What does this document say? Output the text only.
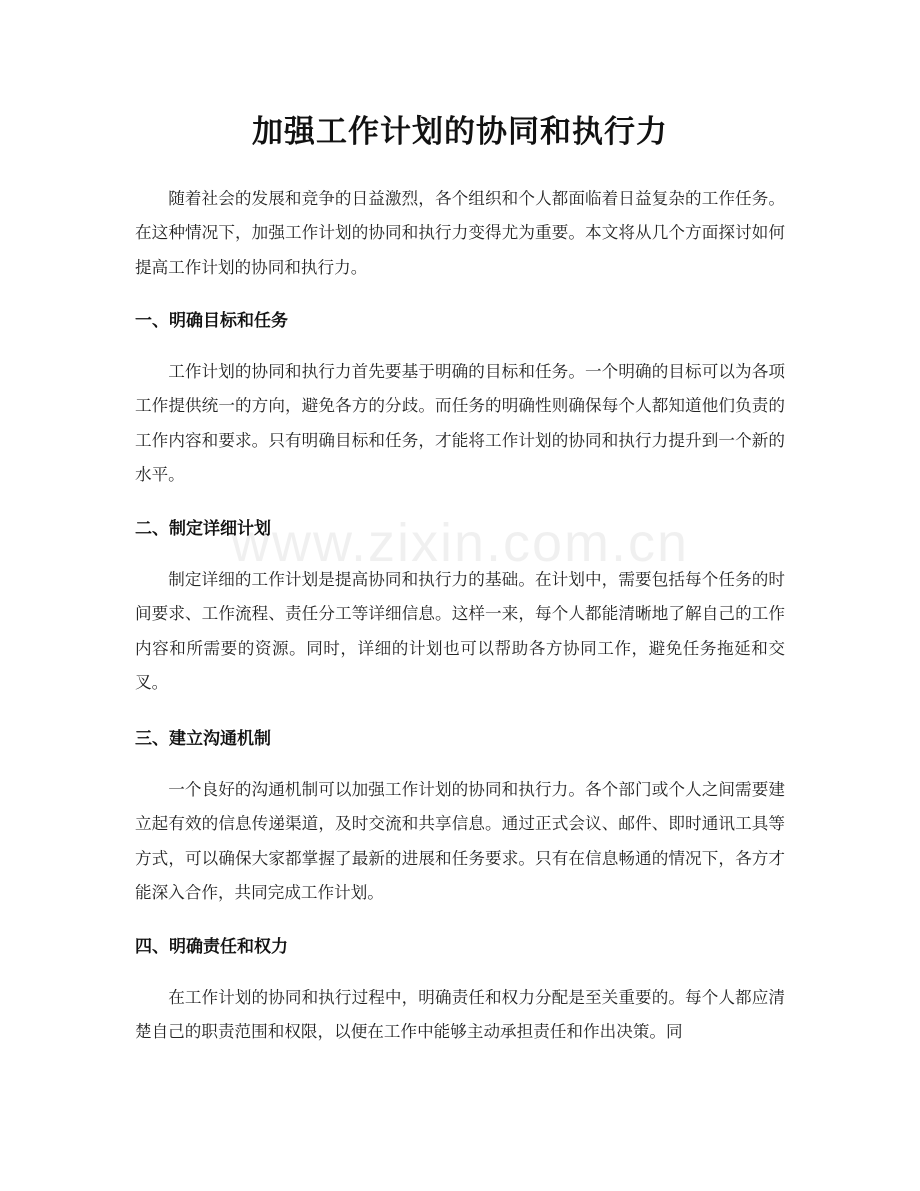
www.zixin.com.cn
加强工作计划的协同和执行力

随着社会的发展和竞争的日益激烈，各个组织和个人都面临着日益复杂的工作任务。在这种情况下，加强工作计划的协同和执行力变得尤为重要。本文将从几个方面探讨如何提高工作计划的协同和执行力。

一、明确目标和任务

工作计划的协同和执行力首先要基于明确的目标和任务。一个明确的目标可以为各项工作提供统一的方向，避免各方的分歧。而任务的明确性则确保每个人都知道他们负责的工作内容和要求。只有明确目标和任务，才能将工作计划的协同和执行力提升到一个新的水平。

二、制定详细计划

制定详细的工作计划是提高协同和执行力的基础。在计划中，需要包括每个任务的时间要求、工作流程、责任分工等详细信息。这样一来，每个人都能清晰地了解自己的工作内容和所需要的资源。同时，详细的计划也可以帮助各方协同工作，避免任务拖延和交叉。

三、建立沟通机制

一个良好的沟通机制可以加强工作计划的协同和执行力。各个部门或个人之间需要建立起有效的信息传递渠道，及时交流和共享信息。通过正式会议、邮件、即时通讯工具等方式，可以确保大家都掌握了最新的进展和任务要求。只有在信息畅通的情况下，各方才能深入合作，共同完成工作计划。

四、明确责任和权力

在工作计划的协同和执行过程中，明确责任和权力分配是至关重要的。每个人都应清楚自己的职责范围和权限，以便在工作中能够主动承担责任和作出决策。同
